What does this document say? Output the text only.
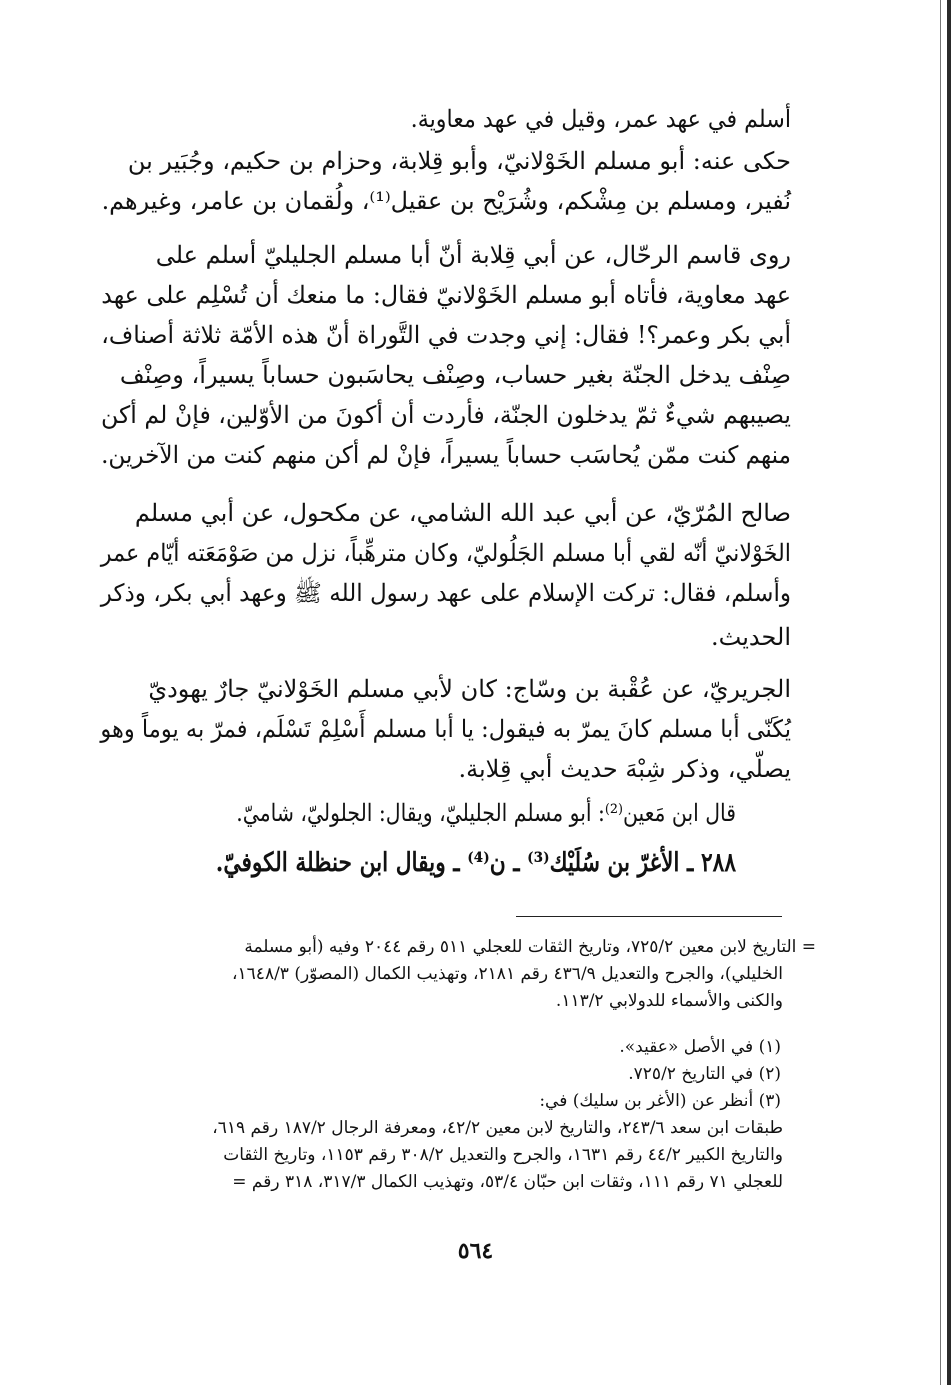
أسلم في عهد عمر، وقيل في عهد معاوية.
حكى عنه: أبو مسلم الخَوْلانيّ، وأبو قِلابة، وحزام بن حكيم، وجُبَير بن
نُفير، ومسلم بن مِشْكم، وشُرَيْح بن عقيل⁽¹⁾، ولُقمان بن عامر، وغيرهم.
روى قاسم الرحّال، عن أبي قِلابة أنّ أبا مسلم الجليليّ أسلم على
عهد معاوية، فأتاه أبو مسلم الخَوْلانيّ فقال: ما منعك أن تُسْلِم على عهد
أبي بكر وعمر؟! فقال: إني وجدت في التَّوراة أنّ هذه الأمّة ثلاثة أصناف،
صِنْف يدخل الجنّة بغير حساب، وصِنْف يحاسَبون حساباً يسيراً، وصِنْف
يصيبهم شيءٌ ثمّ يدخلون الجنّة، فأردت أن أكونَ من الأوّلين، فإنْ لم أكن
منهم كنت ممّن يُحاسَب حساباً يسيراً، فإنْ لم أكن منهم كنت من الآخرين.
صالح المُرّيّ، عن أبي عبد الله الشامي، عن مكحول، عن أبي مسلم
الخَوْلانيّ أنّه لقي أبا مسلم الجَلُوليّ، وكان مترهِّباً، نزل من صَوْمَعَته أيّام عمر
وأسلم، فقال: تركت الإسلام على عهد رسول الله ﷺ وعهد أبي بكر، وذكر
الحديث.
الجريريّ، عن عُقْبة بن وسّاج: كان لأبي مسلم الخَوْلانيّ جارٌ يهوديّ
يُكَنّى أبا مسلم كانَ يمرّ به فيقول: يا أبا مسلم أَسْلِمْ تَسْلَم، فمرّ به يوماً وهو
يصلّي، وذكر شِبْهَ حديث أبي قِلابة.
قال ابن مَعين⁽²⁾: أبو مسلم الجليليّ، ويقال: الجلوليّ، شاميّ.
٢٨٨ ـ الأغرّ بن سُلَيْك⁽³⁾ ـ ن⁽⁴⁾ ـ ويقال ابن حنظلة الكوفيّ.
= التاريخ لابن معين ٧٢٥/٢، وتاريخ الثقات للعجلي ٥١١ رقم ٢٠٤٤ وفيه (أبو مسلمة
الخليلي)، والجرح والتعديل ٤٣٦/٩ رقم ٢١٨١، وتهذيب الكمال (المصوّر) ١٦٤٨/٣،
والكنى والأسماء للدولابي ١١٣/٢.
(١) في الأصل «عقيد».
(٢) في التاريخ ٧٢٥/٢.
(٣) أنظر عن (الأغر بن سليك) في:
طبقات ابن سعد ٢٤٣/٦، والتاريخ لابن معين ٤٢/٢، ومعرفة الرجال ١٨٧/٢ رقم ٦١٩،
والتاريخ الكبير ٤٤/٢ رقم ١٦٣١، والجرح والتعديل ٣٠٨/٢ رقم ١١٥٣، وتاريخ الثقات
للعجلي ٧١ رقم ١١١، وثقات ابن حبّان ٥٣/٤، وتهذيب الكمال ٣١٧/٣، ٣١٨ رقم =
٥٦٤
